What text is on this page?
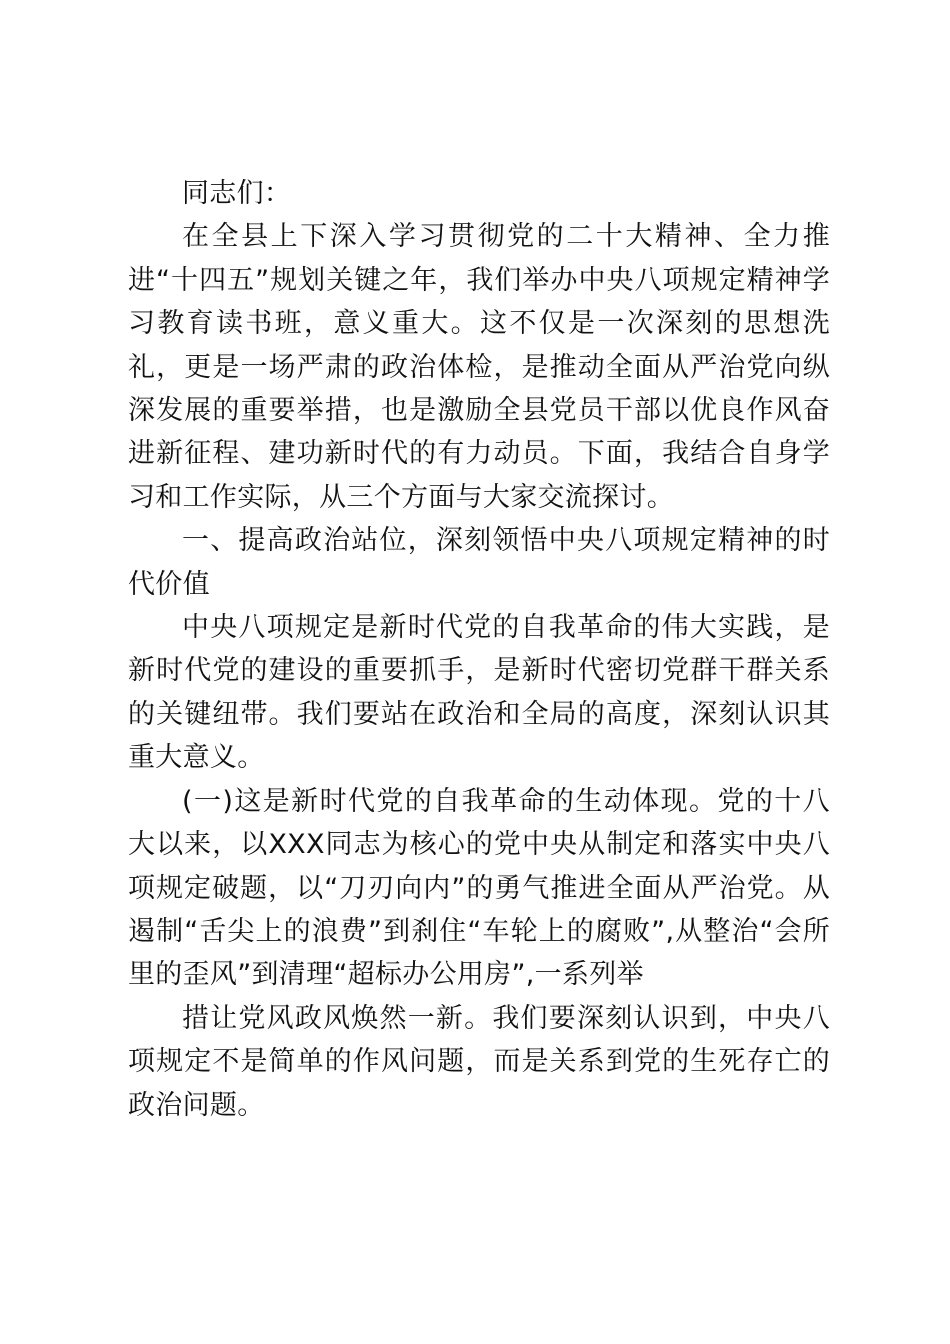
同志们：

在全县上下深入学习贯彻党的二十大精神、全力推进“十四五”规划关键之年，我们举办中央八项规定精神学习教育读书班，意义重大。这不仅是一次深刻的思想洗礼，更是一场严肃的政治体检，是推动全面从严治党向纵深发展的重要举措，也是激励全县党员干部以优良作风奋进新征程、建功新时代的有力动员。下面，我结合自身学习和工作实际，从三个方面与大家交流探讨。

一、提高政治站位，深刻领悟中央八项规定精神的时代价值

中央八项规定是新时代党的自我革命的伟大实践，是新时代党的建设的重要抓手，是新时代密切党群干群关系的关键纽带。我们要站在政治和全局的高度，深刻认识其重大意义。

(一)这是新时代党的自我革命的生动体现。党的十八大以来，以XXX同志为核心的党中央从制定和落实中央八项规定破题，以“刀刃向内”的勇气推进全面从严治党。从遏制“舌尖上的浪费”到刹住“车轮上的腐败”,从整治“会所里的歪风”到清理“超标办公用房”,一系列举

措让党风政风焕然一新。我们要深刻认识到，中央八项规定不是简单的作风问题，而是关系到党的生死存亡的政治问题。
